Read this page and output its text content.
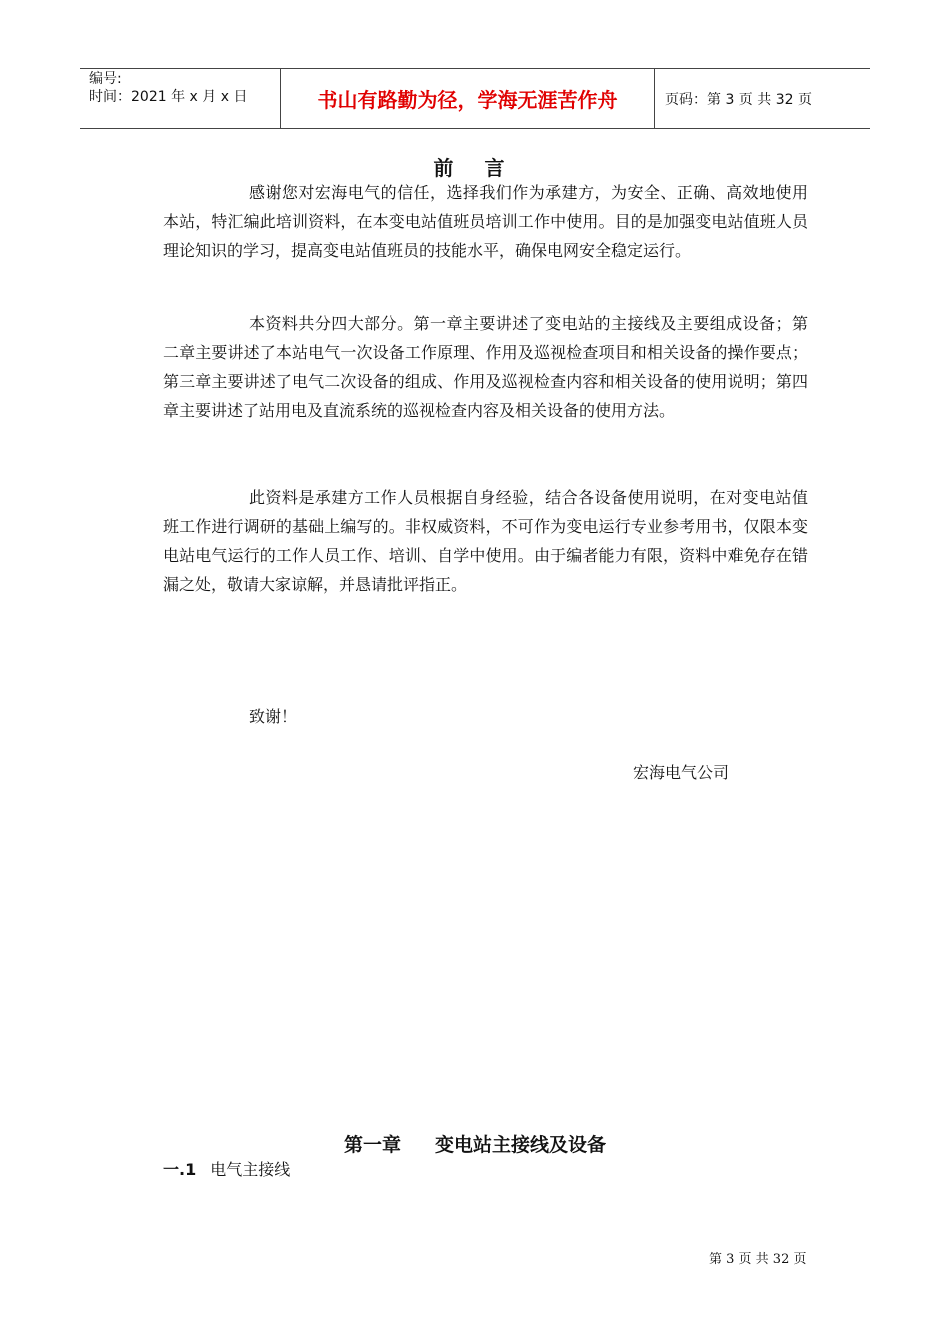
编号:
时间：2021 年 x 月 x 日	书山有路勤为径，学海无涯苦作舟	页码：第 3 页 共 32 页
前 言

感谢您对宏海电气的信任，选择我们作为承建方，为安全、正确、高效地使用本站，特汇编此培训资料，在本变电站值班员培训工作中使用。目的是加强变电站值班人员理论知识的学习，提高变电站值班员的技能水平，确保电网安全稳定运行。

本资料共分四大部分。第一章主要讲述了变电站的主接线及主要组成设备；第二章主要讲述了本站电气一次设备工作原理、作用及巡视检查项目和相关设备的操作要点；第三章主要讲述了电气二次设备的组成、作用及巡视检查内容和相关设备的使用说明；第四章主要讲述了站用电及直流系统的巡视检查内容及相关设备的使用方法。

此资料是承建方工作人员根据自身经验，结合各设备使用说明，在对变电站值班工作进行调研的基础上编写的。非权威资料，不可作为变电运行专业参考用书，仅限本变电站电气运行的工作人员工作、培训、自学中使用。由于编者能力有限，资料中难免存在错漏之处，敬请大家谅解，并恳请批评指正。

致谢！
宏海电气公司
第一章 变电站主接线及设备
一.1 电气主接线
第 3 页 共 32 页
